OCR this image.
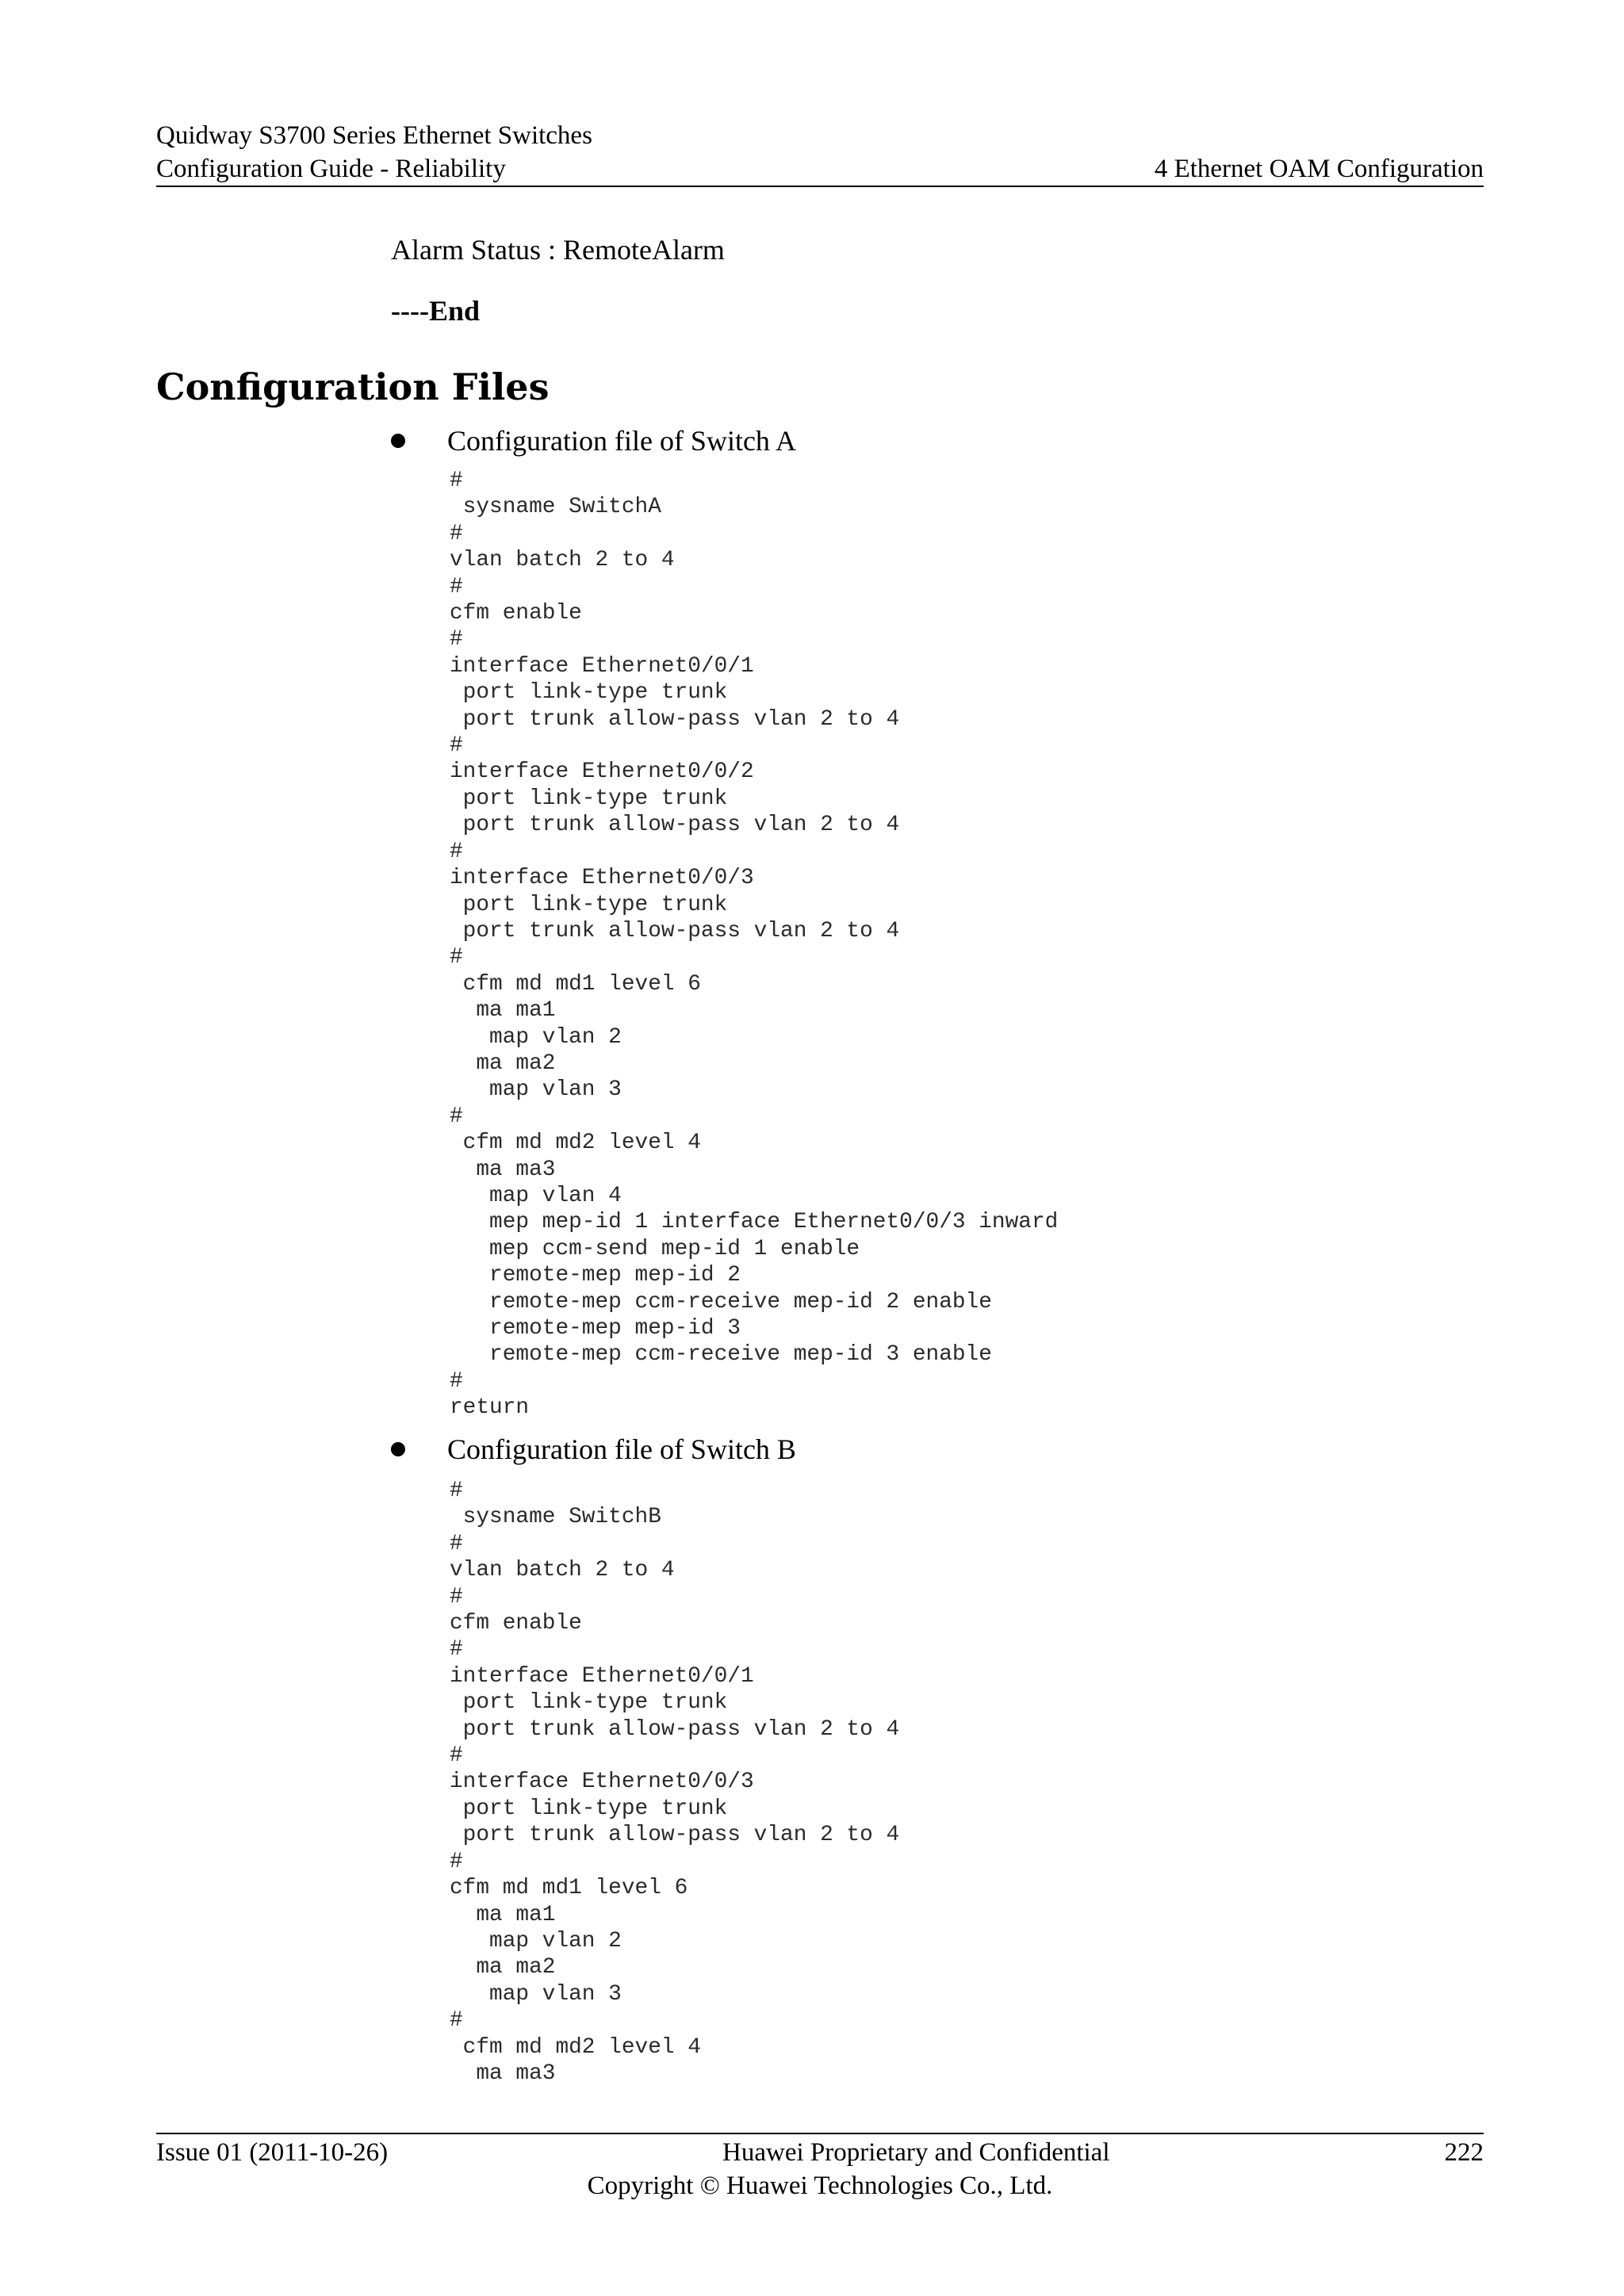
Quidway S3700 Series Ethernet Switches
Configuration Guide - Reliability	4 Ethernet OAM Configuration
Alarm Status : RemoteAlarm
----End
Configuration Files
Configuration file of Switch A
#
sysname SwitchA
#
vlan batch 2 to 4
#
cfm enable
#
interface Ethernet0/0/1
port link-type trunk
port trunk allow-pass vlan 2 to 4
#
interface Ethernet0/0/2
port link-type trunk
port trunk allow-pass vlan 2 to 4
#
interface Ethernet0/0/3
port link-type trunk
port trunk allow-pass vlan 2 to 4
#
cfm md md1 level 6
ma ma1
map vlan 2
ma ma2
map vlan 3
#
cfm md md2 level 4
ma ma3
map vlan 4
mep mep-id 1 interface Ethernet0/0/3 inward
mep ccm-send mep-id 1 enable
remote-mep mep-id 2
remote-mep ccm-receive mep-id 2 enable
remote-mep mep-id 3
remote-mep ccm-receive mep-id 3 enable
#
return
Configuration file of Switch B
#
sysname SwitchB
#
vlan batch 2 to 4
#
cfm enable
#
interface Ethernet0/0/1
port link-type trunk
port trunk allow-pass vlan 2 to 4
#
interface Ethernet0/0/3
port link-type trunk
port trunk allow-pass vlan 2 to 4
#
cfm md md1 level 6
ma ma1
map vlan 2
ma ma2
map vlan 3
#
cfm md md2 level 4
ma ma3
Issue 01 (2011-10-26)	Huawei Proprietary and Confidential	222
Copyright © Huawei Technologies Co., Ltd.
